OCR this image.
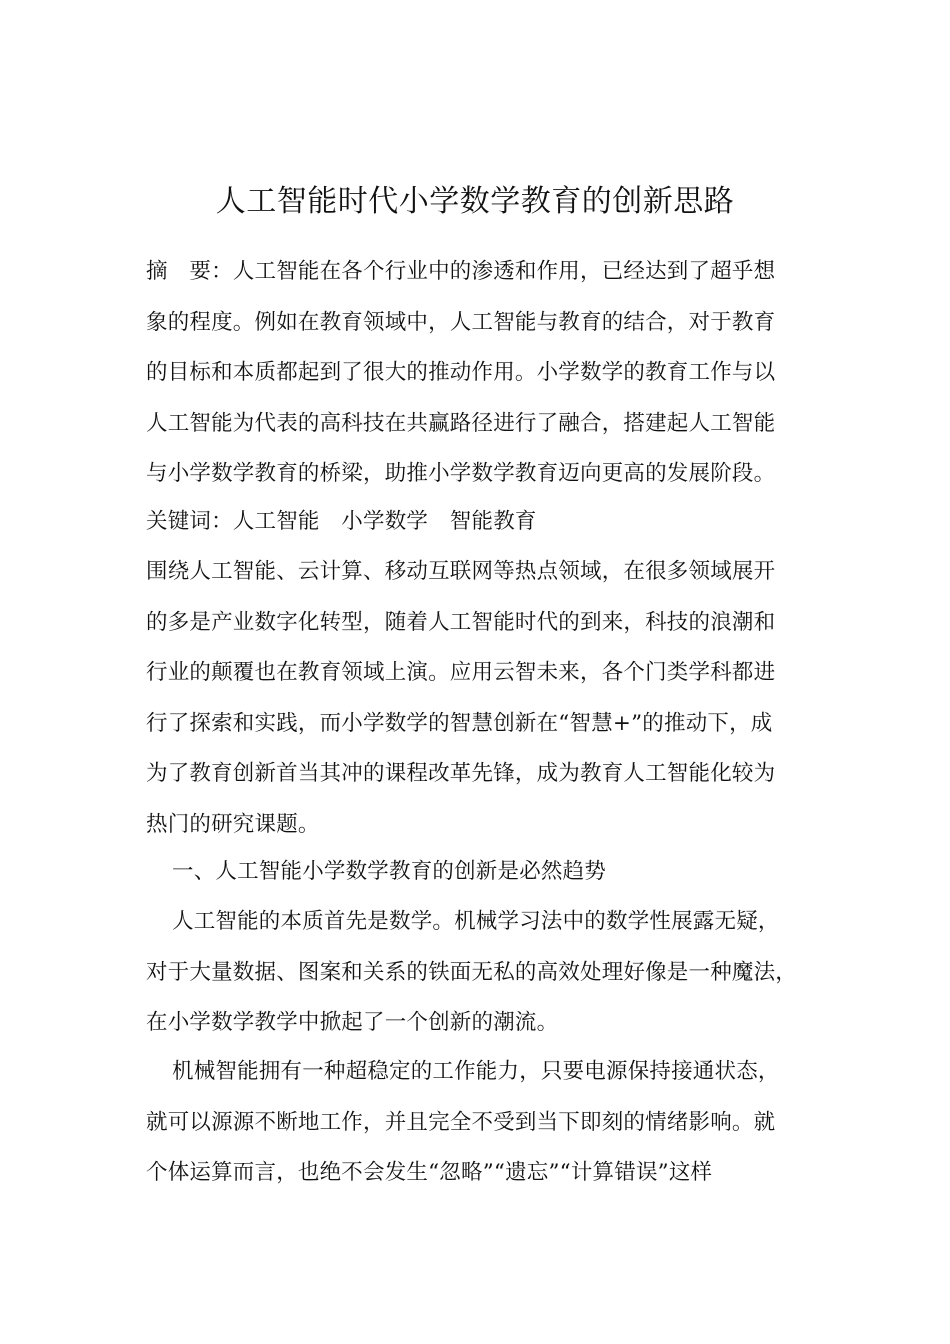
人工智能时代小学数学教育的创新思路
摘　要：人工智能在各个行业中的渗透和作用，已经达到了超乎想
象的程度。例如在教育领域中，人工智能与教育的结合，对于教育
的目标和本质都起到了很大的推动作用。小学数学的教育工作与以
人工智能为代表的高科技在共赢路径进行了融合，搭建起人工智能
与小学数学教育的桥梁，助推小学数学教育迈向更高的发展阶段。
关键词：人工智能　小学数学　智能教育
围绕人工智能、云计算、移动互联网等热点领域，在很多领域展开
的多是产业数字化转型，随着人工智能时代的到来，科技的浪潮和
行业的颠覆也在教育领域上演。应用云智未来，各个门类学科都进
行了探索和实践，而小学数学的智慧创新在“智慧+”的推动下，成
为了教育创新首当其冲的课程改革先锋，成为教育人工智能化较为
热门的研究课题。
一、人工智能小学数学教育的创新是必然趋势
人工智能的本质首先是数学。机械学习法中的数学性展露无疑，
对于大量数据、图案和关系的铁面无私的高效处理好像是一种魔法，
在小学数学教学中掀起了一个创新的潮流。
机械智能拥有一种超稳定的工作能力，只要电源保持接通状态，
就可以源源不断地工作，并且完全不受到当下即刻的情绪影响。就
个体运算而言，也绝不会发生“忽略”“遗忘”“计算错误”这样
